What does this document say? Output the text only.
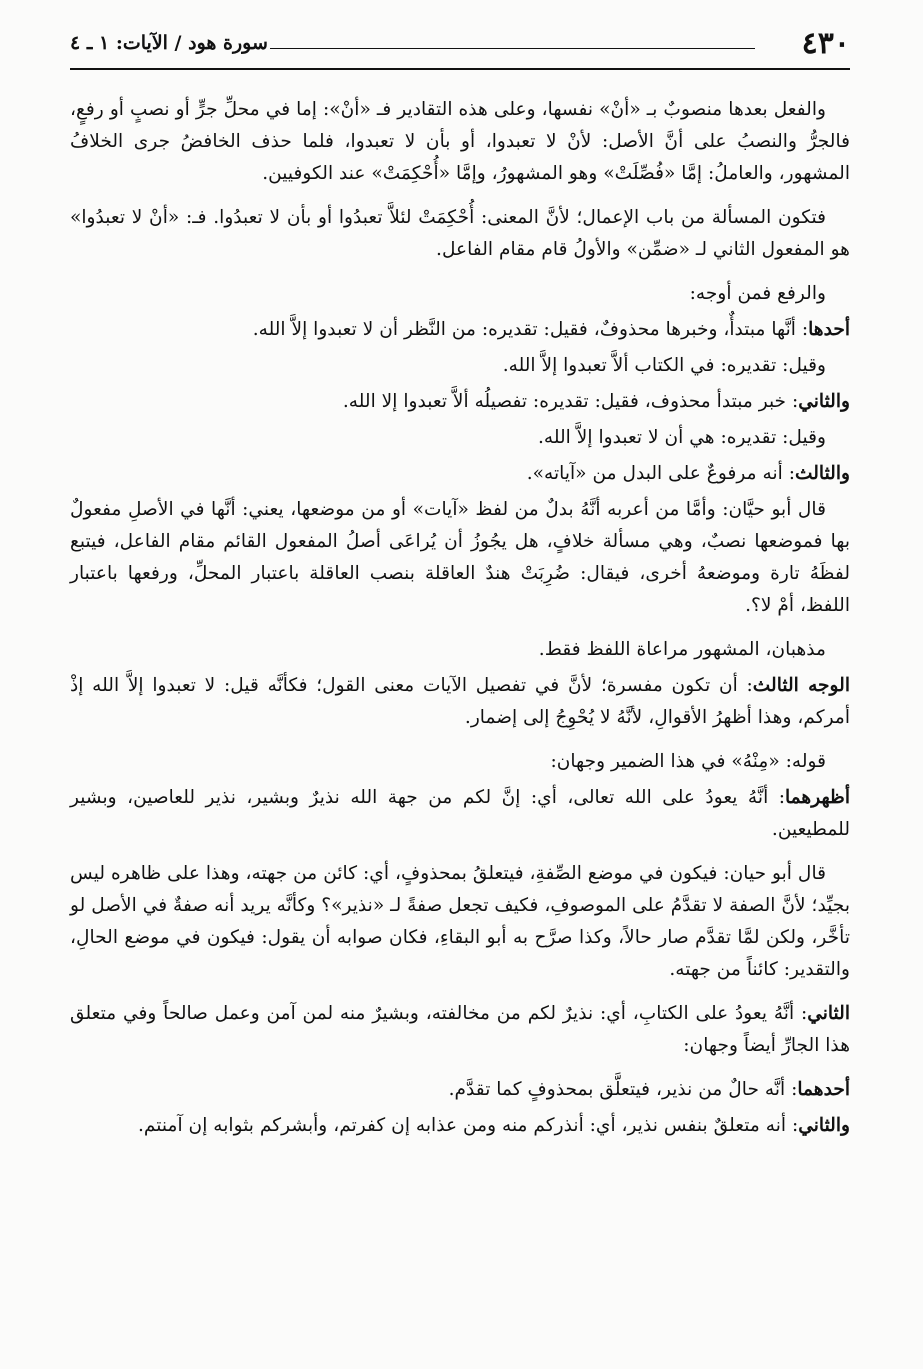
٤٣٠
سورة هود / الآيات: ١ ـ ٤

والفعل بعدها منصوبٌ بـ «أنْ» نفسها، وعلى هذه التقادير فـ «أنْ»: إما في محلِّ جرٍّ أو نصبٍ أو رفعٍ، فالجرُّ والنصبُ على أنَّ الأصل: لأنْ لا تعبدوا، أو بأن لا تعبدوا، فلما حذف الخافضُ جرى الخلافُ المشهور، والعاملُ: إمَّا «فُصِّلَتْ» وهو المشهورُ، وإمَّا «أُحْكِمَتْ» عند الكوفيين.

فتكون المسألة من باب الإعمال؛ لأنَّ المعنى: أُحْكِمَتْ لئلاَّ تعبدُوا أو بأن لا تعبدُوا. فـ: «أنْ لا تعبدُوا» هو المفعول الثاني لـ «ضمِّن» والأولُ قام مقام الفاعل.

والرفع فمن أوجه:

أحدها: أنَّها مبتدأٌ، وخبرها محذوفٌ، فقيل: تقديره: من النَّظر أن لا تعبدوا إلاَّ الله.

وقيل: تقديره: في الكتاب ألاَّ تعبدوا إلاَّ الله.

والثاني: خبر مبتدأ محذوف، فقيل: تقديره: تفصيلُه ألاَّ تعبدوا إلا الله.

وقيل: تقديره: هي أن لا تعبدوا إلاَّ الله.

والثالث: أنه مرفوعٌ على البدل من «آياته».

قال أبو حيَّان: وأمَّا من أعربه أنَّهُ بدلٌ من لفظ «آيات» أو من موضعها، يعني: أنَّها في الأصلِ مفعولٌ بها فموضعها نصبٌ، وهي مسألة خلافٍ، هل يجُوزُ أن يُراعَى أصلُ المفعول القائم مقام الفاعل، فيتبع لفظَهُ تارة وموضعهُ أخرى، فيقال: ضُرِبَتْ هندٌ العاقلة بنصب العاقلة باعتبار المحلِّ، ورفعها باعتبار اللفظ، أمْ لا؟.

مذهبان، المشهور مراعاة اللفظ فقط.

الوجه الثالث: أن تكون مفسرة؛ لأنَّ في تفصيل الآيات معنى القول؛ فكأنَّه قيل: لا تعبدوا إلاَّ الله إذْ أمركم، وهذا أظهرُ الأقوالِ، لأنَّهُ لا يُحْوِجُ إلى إضمار.

قوله: «مِنْهُ» في هذا الضمير وجهان:

أظهرهما: أنَّهُ يعودُ على الله تعالى، أي: إنَّ لكم من جهة الله نذيرٌ وبشير، نذير للعاصين، وبشير للمطيعين.

قال أبو حيان: فيكون في موضع الصِّفةِ، فيتعلقُ بمحذوفٍ، أي: كائن من جهته، وهذا على ظاهره ليس بجيِّد؛ لأنَّ الصفة لا تقدَّمُ على الموصوفِ، فكيف تجعل صفةً لـ «نذير»؟ وكأنَّه يريد أنه صفةٌ في الأصل لو تأخَّر، ولكن لمَّا تقدَّم صار حالاً، وكذا صرَّح به أبو البقاءِ، فكان صوابه أن يقول: فيكون في موضع الحالِ، والتقدير: كائناً من جهته.

الثاني: أنَّهُ يعودُ على الكتابِ، أي: نذيرٌ لكم من مخالفته، وبشيرٌ منه لمن آمن وعمل صالحاً وفي متعلق هذا الجارِّ أيضاً وجهان:

أحدهما: أنَّه حالٌ من نذير، فيتعلَّق بمحذوفٍ كما تقدَّم.

والثاني: أنه متعلقٌ بنفس نذير، أي: أنذركم منه ومن عذابه إن كفرتم، وأبشركم بثوابه إن آمنتم.
